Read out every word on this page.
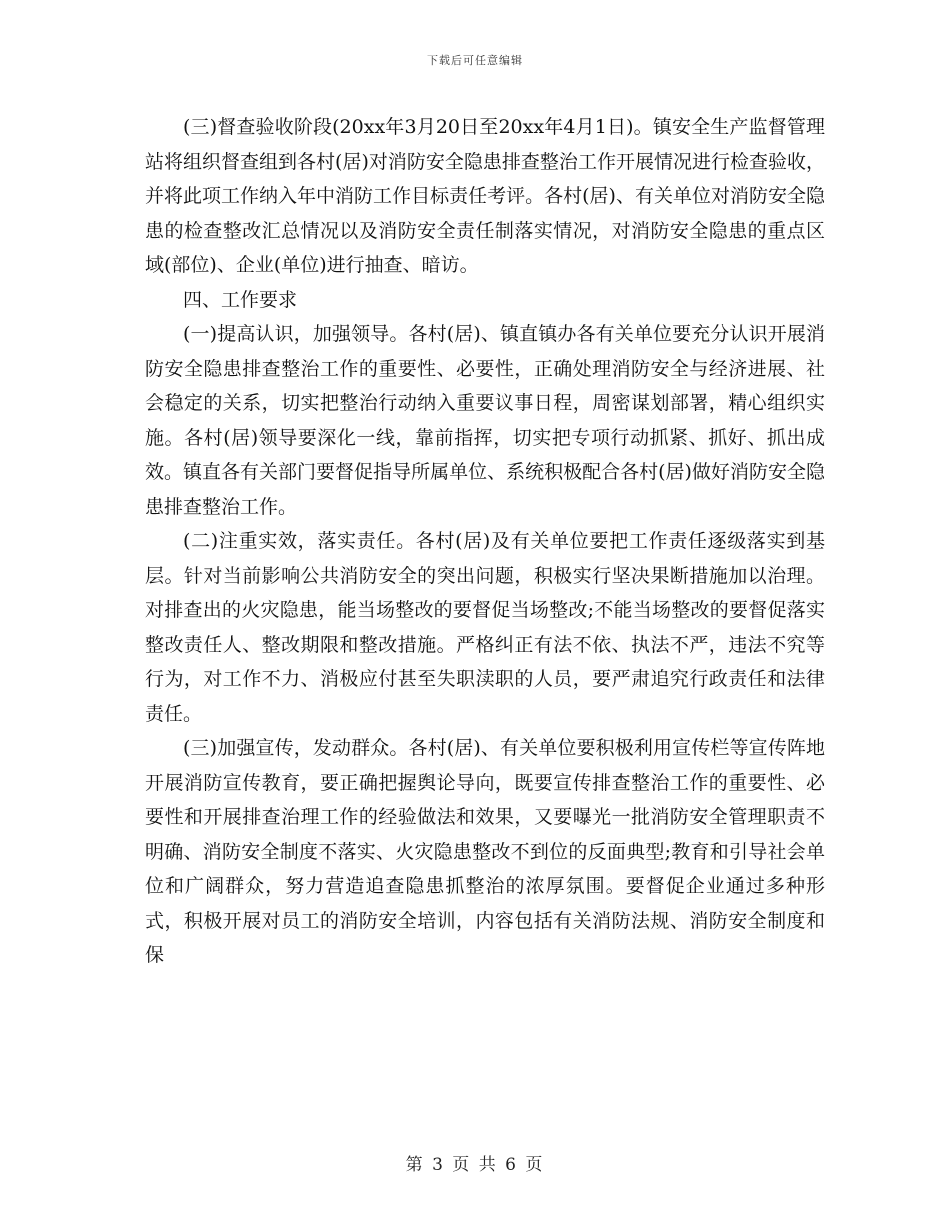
下载后可任意编辑

(三)督查验收阶段(20xx年3月20日至20xx年4月1日)。镇安全生产监督管理站将组织督查组到各村(居)对消防安全隐患排查整治工作开展情况进行检查验收，并将此项工作纳入年中消防工作目标责任考评。各村(居)、有关单位对消防安全隐患的检查整改汇总情况以及消防安全责任制落实情况，对消防安全隐患的重点区域(部位)、企业(单位)进行抽查、暗访。

四、工作要求

(一)提高认识，加强领导。各村(居)、镇直镇办各有关单位要充分认识开展消防安全隐患排查整治工作的重要性、必要性，正确处理消防安全与经济进展、社会稳定的关系，切实把整治行动纳入重要议事日程，周密谋划部署，精心组织实施。各村(居)领导要深化一线，靠前指挥，切实把专项行动抓紧、抓好、抓出成效。镇直各有关部门要督促指导所属单位、系统积极配合各村(居)做好消防安全隐患排查整治工作。

(二)注重实效，落实责任。各村(居)及有关单位要把工作责任逐级落实到基层。针对当前影响公共消防安全的突出问题，积极实行坚决果断措施加以治理。对排查出的火灾隐患，能当场整改的要督促当场整改;不能当场整改的要督促落实整改责任人、整改期限和整改措施。严格纠正有法不依、执法不严，违法不究等行为，对工作不力、消极应付甚至失职渎职的人员，要严肃追究行政责任和法律责任。

(三)加强宣传，发动群众。各村(居)、有关单位要积极利用宣传栏等宣传阵地开展消防宣传教育，要正确把握舆论导向，既要宣传排查整治工作的重要性、必要性和开展排查治理工作的经验做法和效果，又要曝光一批消防安全管理职责不明确、消防安全制度不落实、火灾隐患整改不到位的反面典型;教育和引导社会单位和广阔群众，努力营造追查隐患抓整治的浓厚氛围。要督促企业通过多种形式，积极开展对员工的消防安全培训，内容包括有关消防法规、消防安全制度和保

第 3 页 共 6 页
